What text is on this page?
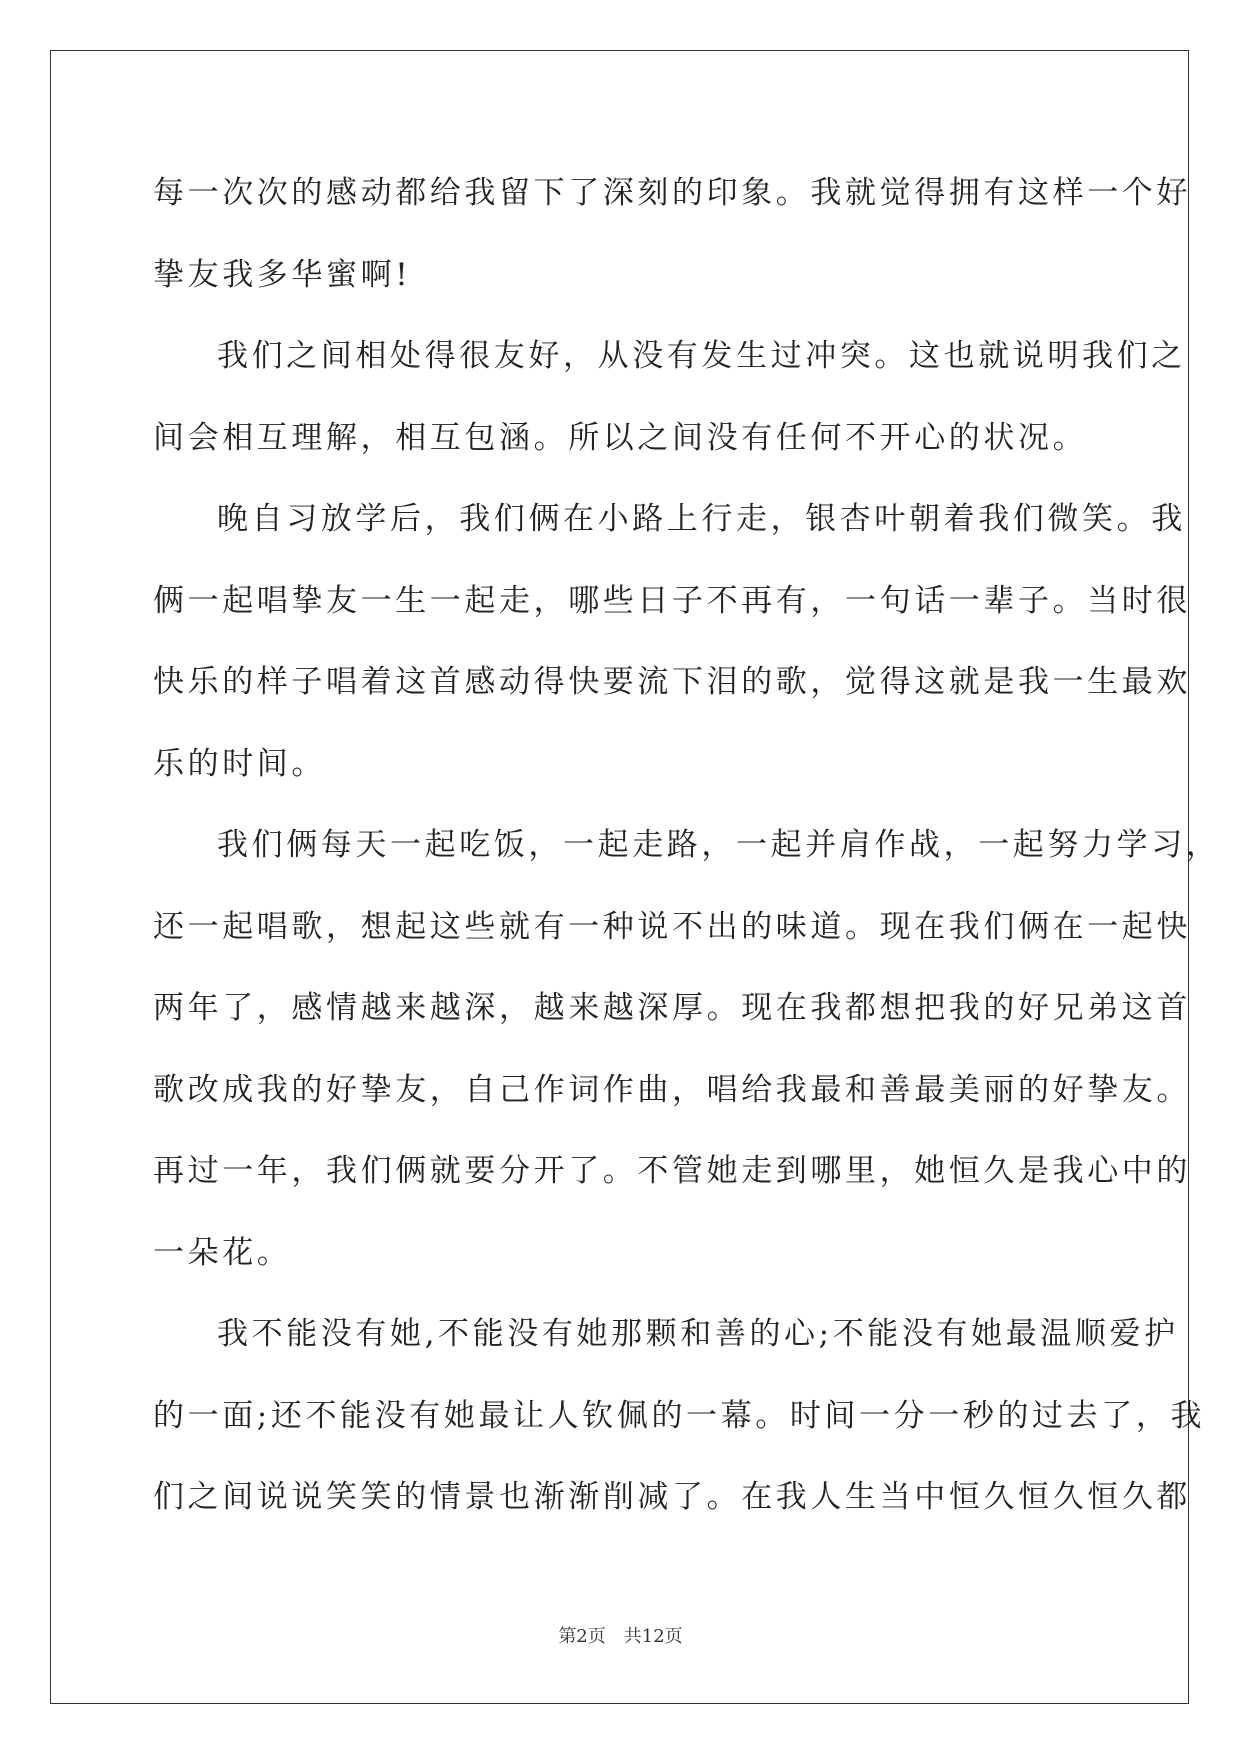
每一次次的感动都给我留下了深刻的印象。我就觉得拥有这样一个好
挚友我多华蜜啊!
我们之间相处得很友好，从没有发生过冲突。这也就说明我们之
间会相互理解，相互包涵。所以之间没有任何不开心的状况。
晚自习放学后，我们俩在小路上行走，银杏叶朝着我们微笑。我
俩一起唱挚友一生一起走，哪些日子不再有，一句话一辈子。当时很
快乐的样子唱着这首感动得快要流下泪的歌，觉得这就是我一生最欢
乐的时间。
我们俩每天一起吃饭，一起走路，一起并肩作战，一起努力学习，
还一起唱歌，想起这些就有一种说不出的味道。现在我们俩在一起快
两年了，感情越来越深，越来越深厚。现在我都想把我的好兄弟这首
歌改成我的好挚友，自己作词作曲，唱给我最和善最美丽的好挚友。
再过一年，我们俩就要分开了。不管她走到哪里，她恒久是我心中的
一朵花。
我不能没有她,不能没有她那颗和善的心;不能没有她最温顺爱护
的一面;还不能没有她最让人钦佩的一幕。时间一分一秒的过去了，我
们之间说说笑笑的情景也渐渐削减了。在我人生当中恒久恒久恒久都
第2页 共12页
